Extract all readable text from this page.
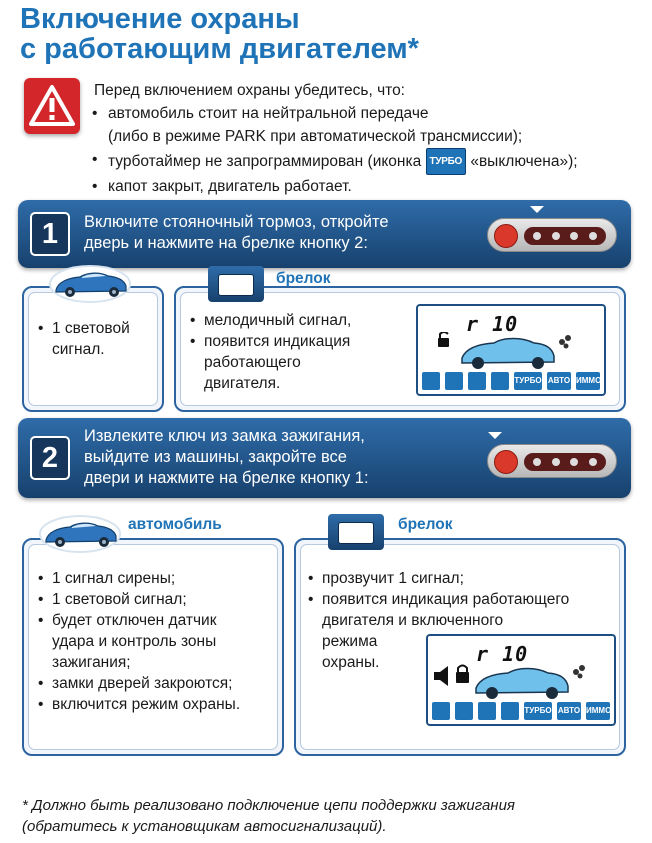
Включение охраны
с работающим двигателем*
Перед включением охраны убедитесь, что:
• автомобиль стоит на нейтральной передаче
(либо в режиме PARK при автоматической трансмиссии);
• турботаймер не запрограммирован (иконка ТУРБО «выключена»);
• капот закрыт, двигатель работает.
1	Включите стояночный тормоз, откройте
дверь и нажмите на брелке кнопку 2:
• 1 световой
сигнал.
• мелодичный сигнал,
• появится индикация
работающего
двигателя.
r 10
ТУРБО АВТО ИММО
брелок
2
Извлеките ключ из замка зажигания,
выйдите из машины, закройте все
двери и нажмите на брелке кнопку 1:
• 1 сигнал сирены;
• 1 световой сигнал;
• будет отключен датчик
удара и контроль зоны
зажигания;
• замки дверей закроются;
• включится режим охраны.
автомобиль
• прозвучит 1 сигнал;
• появится индикация работающего
двигателя и включенного
режима
охраны.	r 10
ТУРБО АВТО ИММО
брелок
* Должно быть реализовано подключение цепи поддержки зажигания
(обратитесь к установщикам автосигнализаций).
